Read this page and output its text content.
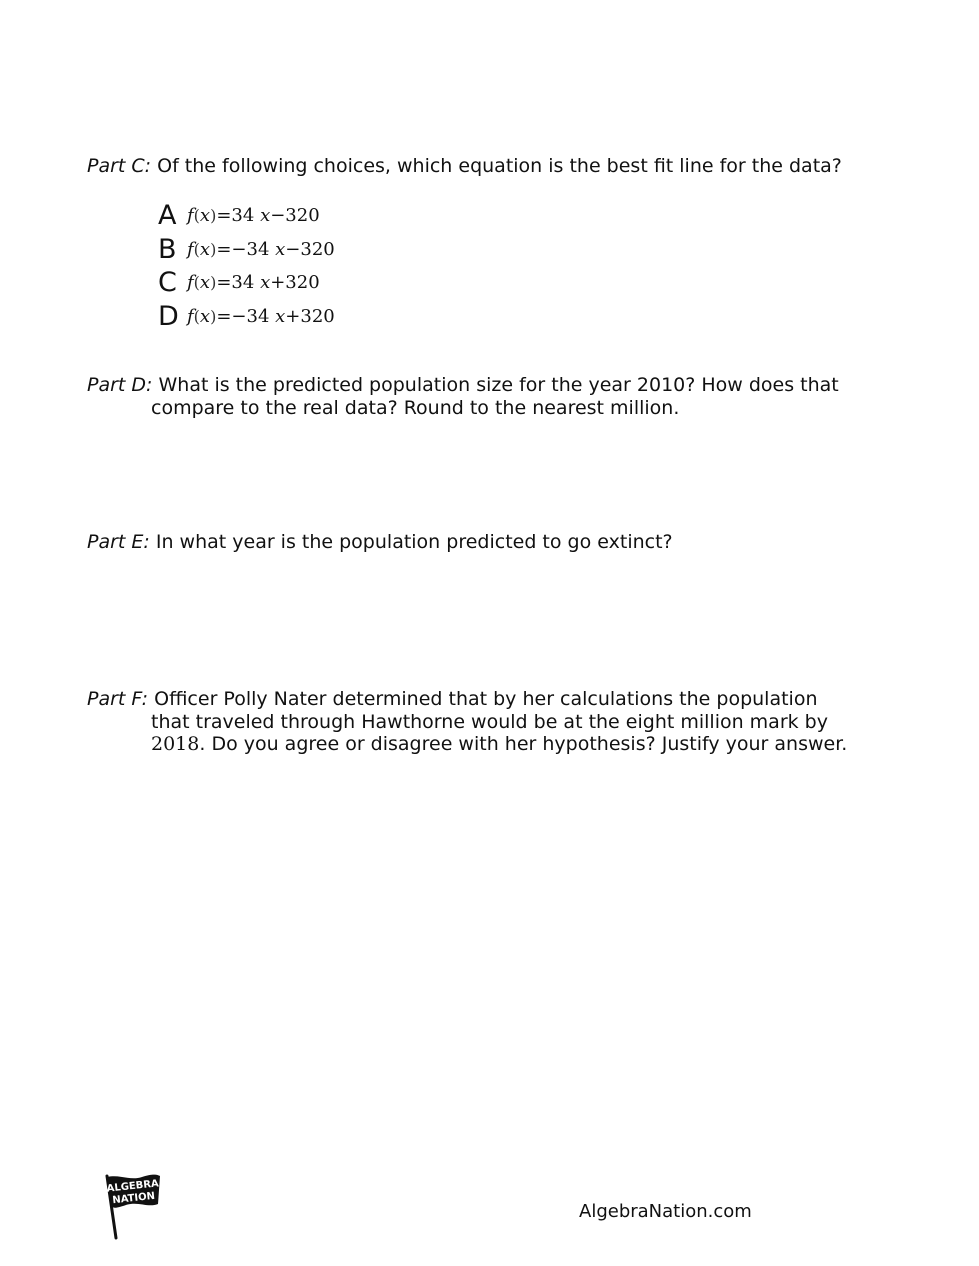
Part C: Of the following choices, which equation is the best fit line for the data?
A f(x)=34 x−320
B f(x)=−34 x−320
C f(x)=34 x+320
D f(x)=−34 x+320
Part D: What is the predicted population size for the year 2010? How does that
compare to the real data? Round to the nearest million.
Part E: In what year is the population predicted to go extinct?
Part F: Officer Polly Nater determined that by her calculations the population
that traveled through Hawthorne would be at the eight million mark by
2018. Do you agree or disagree with her hypothesis? Justify your answer.
ALGEBRA
NATION
AlgebraNation.com
